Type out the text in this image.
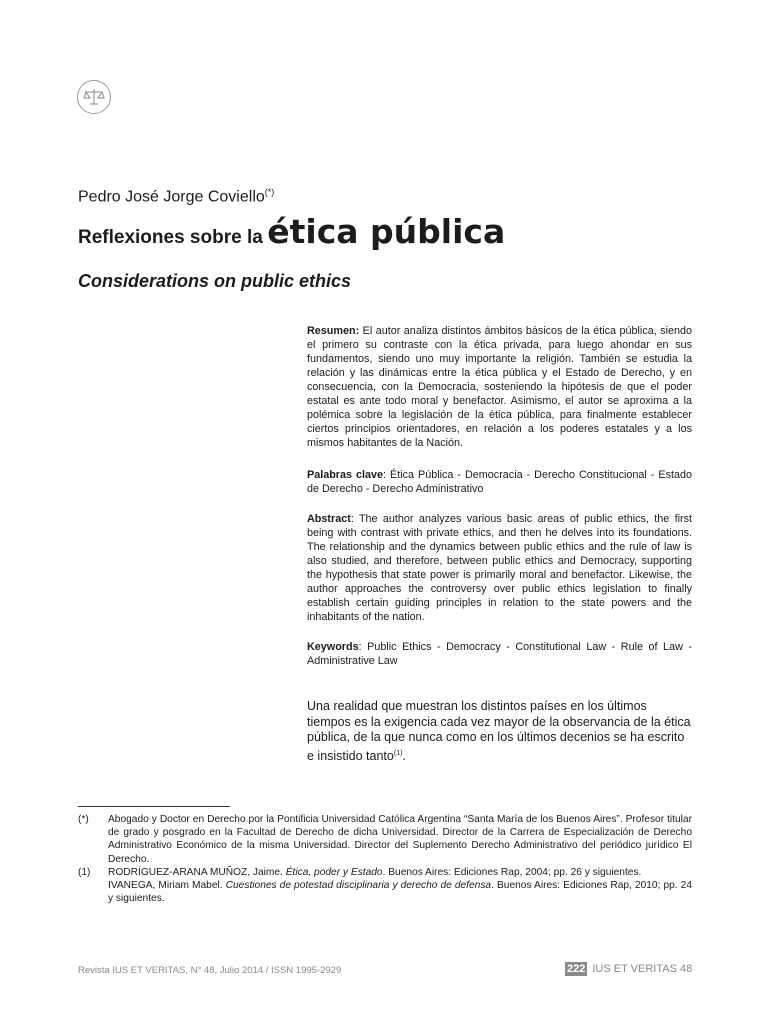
Pedro José Jorge Coviello(*)
Reflexiones sobre la ética pública
Considerations on public ethics
Resumen: El autor analiza distintos ámbitos básicos de la ética pública, siendo el primero su contraste con la ética privada, para luego ahondar en sus fundamentos, siendo uno muy importante la religión. También se estudia la relación y las dinámicas entre la ética pública y el Estado de Derecho, y en consecuencia, con la Democracia, sosteniendo la hipótesis de que el poder estatal es ante todo moral y benefactor. Asimismo, el autor se aproxima a la polémica sobre la legislación de la ética pública, para finalmente establecer ciertos principios orientadores, en relación a los poderes estatales y a los mismos habitantes de la Nación.
Palabras clave: Ética Pública - Democracia - Derecho Constitucional - Estado de Derecho - Derecho Administrativo
Abstract: The author analyzes various basic areas of public ethics, the first being with contrast with private ethics, and then he delves into its foundations. The relationship and the dynamics between public ethics and the rule of law is also studied, and therefore, between public ethics and Democracy, supporting the hypothesis that state power is primarily moral and benefactor. Likewise, the author approaches the controversy over public ethics legislation to finally establish certain guiding principles in relation to the state powers and the inhabitants of the nation.
Keywords: Public Ethics - Democracy - Constitutional Law - Rule of Law - Administrative Law
Una realidad que muestran los distintos países en los últimos tiempos es la exigencia cada vez mayor de la observancia de la ética pública, de la que nunca como en los últimos decenios se ha escrito e insistido tanto$^{(1)}$.
(*)	Abogado y Doctor en Derecho por la Pontificia Universidad Católica Argentina “Santa María de los Buenos Aires”. Profesor titular de grado y posgrado en la Facultad de Derecho de dicha Universidad. Director de la Carrera de Especialización de Derecho Administrativo Económico de la misma Universidad. Director del Suplemento Derecho Administrativo del periódico jurídico El Derecho.
(1)	RODRÍGUEZ-ARANA MUÑOZ, Jaime. Ética, poder y Estado. Buenos Aires: Ediciones Rap, 2004; pp. 26 y siguientes.
IVANEGA, Miriam Mabel. Cuestiones de potestad disciplinaria y derecho de defensa. Buenos Aires: Ediciones Rap, 2010; pp. 24 y siguientes.
Revista IUS ET VERITAS, N° 48, Julio 2014 / ISSN 1995-2929	222 IUS ET VERITAS 48
